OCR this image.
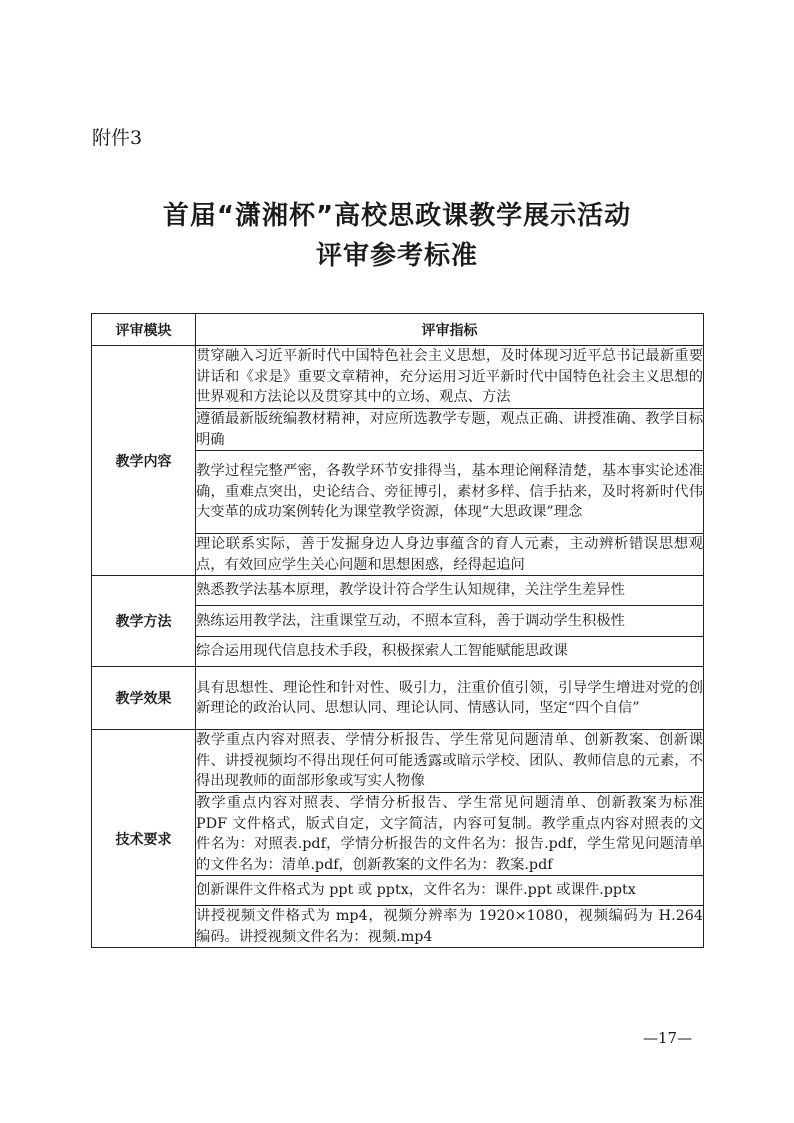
附件3
首届“潇湘杯”高校思政课教学展示活动
评审参考标准
评审模块	评审指标
教学内容	贯穿融入习近平新时代中国特色社会主义思想，及时体现习近平总书记最新重要讲话和《求是》重要文章精神，充分运用习近平新时代中国特色社会主义思想的世界观和方法论以及贯穿其中的立场、观点、方法
	遵循最新版统编教材精神，对应所选教学专题，观点正确、讲授准确、教学目标明确
	教学过程完整严密，各教学环节安排得当，基本理论阐释清楚，基本事实论述准确，重难点突出，史论结合、旁征博引，素材多样、信手拈来，及时将新时代伟大变革的成功案例转化为课堂教学资源，体现“大思政课”理念
	理论联系实际，善于发掘身边人身边事蕴含的育人元素，主动辨析错误思想观点，有效回应学生关心问题和思想困惑，经得起追问
教学方法	熟悉教学法基本原理，教学设计符合学生认知规律，关注学生差异性
	熟练运用教学法，注重课堂互动，不照本宣科，善于调动学生积极性
	综合运用现代信息技术手段，积极探索人工智能赋能思政课
教学效果	具有思想性、理论性和针对性、吸引力，注重价值引领，引导学生增进对党的创新理论的政治认同、思想认同、理论认同、情感认同，坚定“四个自信”
技术要求	教学重点内容对照表、学情分析报告、学生常见问题清单、创新教案、创新课件、讲授视频均不得出现任何可能透露或暗示学校、团队、教师信息的元素，不得出现教师的面部形象或写实人物像
	教学重点内容对照表、学情分析报告、学生常见问题清单、创新教案为标准 PDF 文件格式，版式自定，文字简洁，内容可复制。教学重点内容对照表的文件名为：对照表.pdf，学情分析报告的文件名为：报告.pdf，学生常见问题清单的文件名为：清单.pdf，创新教案的文件名为：教案.pdf
	创新课件文件格式为 ppt 或 pptx，文件名为：课件.ppt 或课件.pptx
	讲授视频文件格式为 mp4，视频分辨率为 1920×1080，视频编码为 H.264 编码。讲授视频文件名为：视频.mp4
—17—
